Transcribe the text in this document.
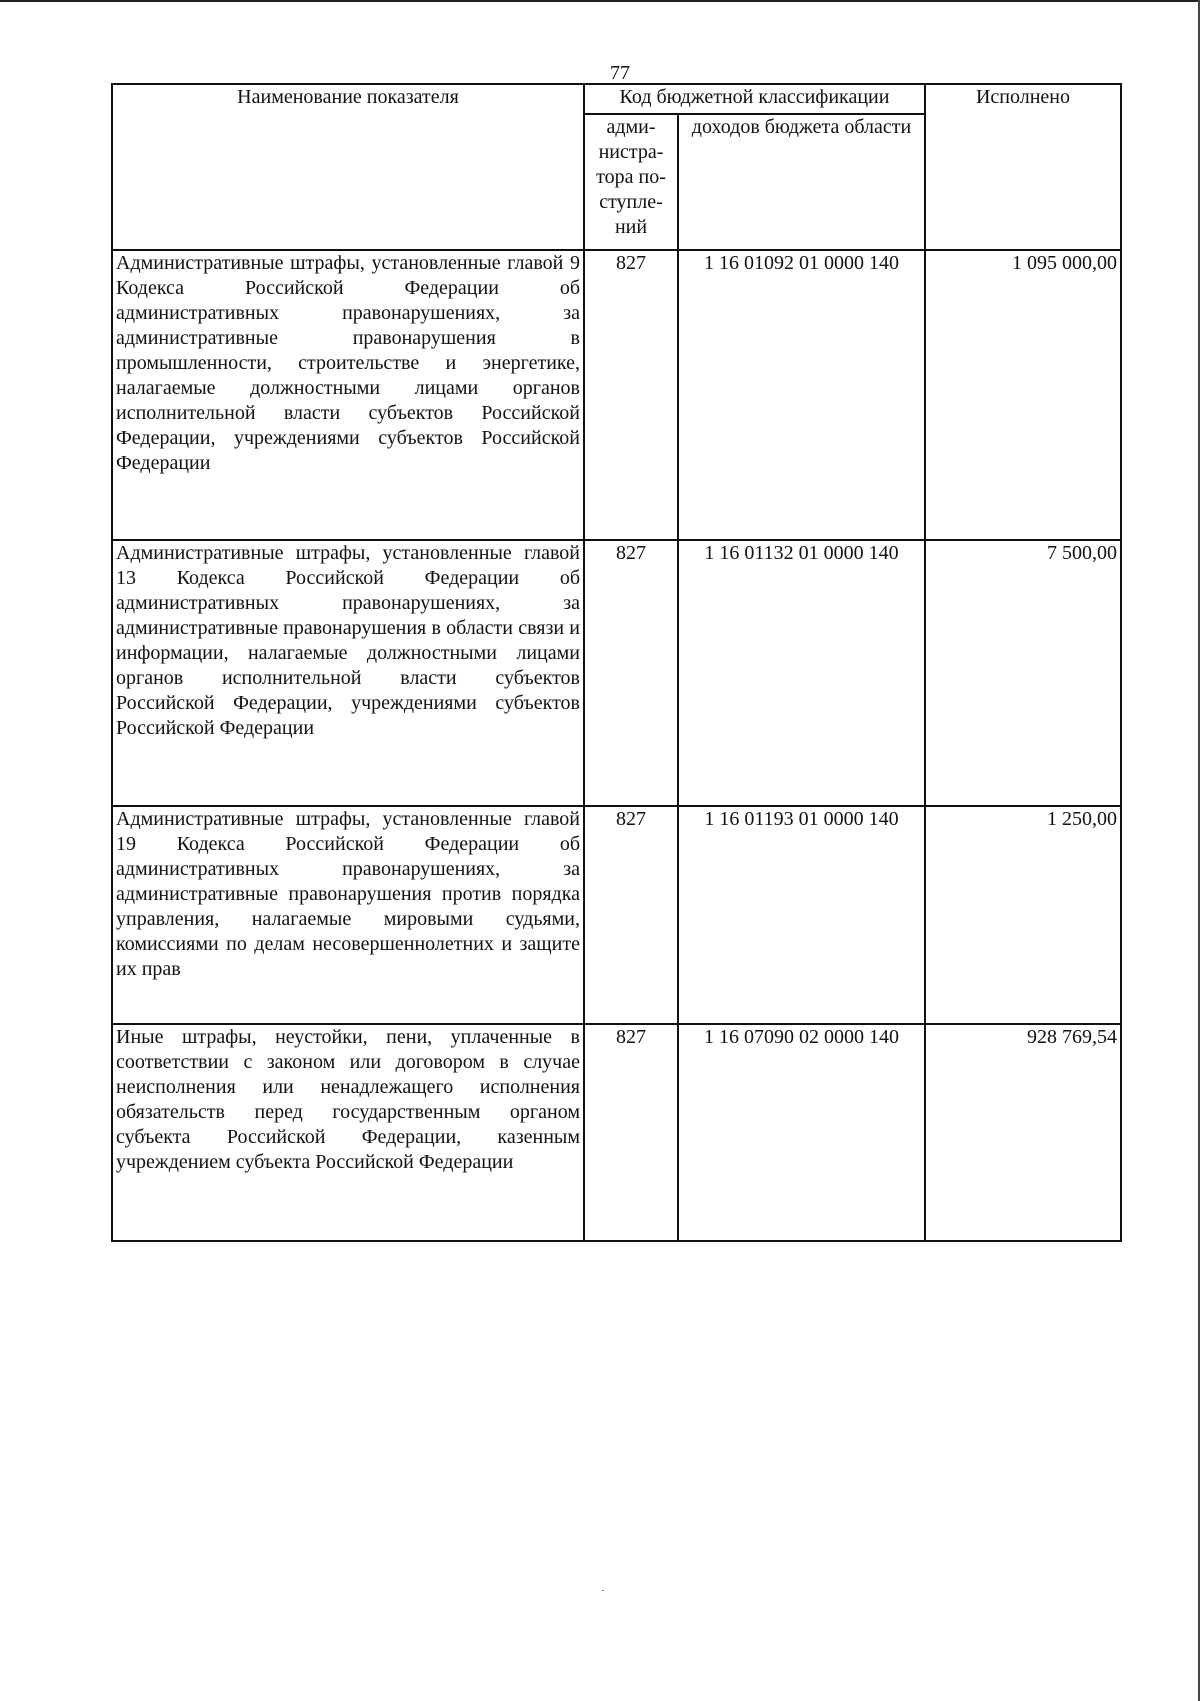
77
Наименование показателя	Код бюджетной классификации		Исполнено
	адми-
нистра-
тора по-
ступле-
ний	доходов бюджета области	
Административные штрафы, установленные главой 9 Кодекса Российской Федерации об административных правонарушениях, за административные правонарушения в промышленности, строительстве и энергетике, налагаемые должностными лицами органов исполнительной власти субъектов Российской Федерации, учреждениями субъектов Российской Федерации	827	1 16 01092 01 0000 140	1 095 000,00
Административные штрафы, установленные главой 13 Кодекса Российской Федерации об административных правонарушениях, за административные правонарушения в области связи и информации, налагаемые должностными лицами органов исполнительной власти субъектов Российской Федерации, учреждениями субъектов Российской Федерации	827	1 16 01132 01 0000 140	7 500,00
Административные штрафы, установленные главой 19 Кодекса Российской Федерации об административных правонарушениях, за административные правонарушения против порядка управления, налагаемые мировыми судьями, комиссиями по делам несовершеннолетних и защите их прав	827	1 16 01193 01 0000 140	1 250,00
Иные штрафы, неустойки, пени, уплаченные в соответствии с законом или договором в случае неисполнения или ненадлежащего исполнения обязательств перед государственным органом субъекта Российской Федерации, казенным учреждением субъекта Российской Федерации	827	1 16 07090 02 0000 140	928 769,54
